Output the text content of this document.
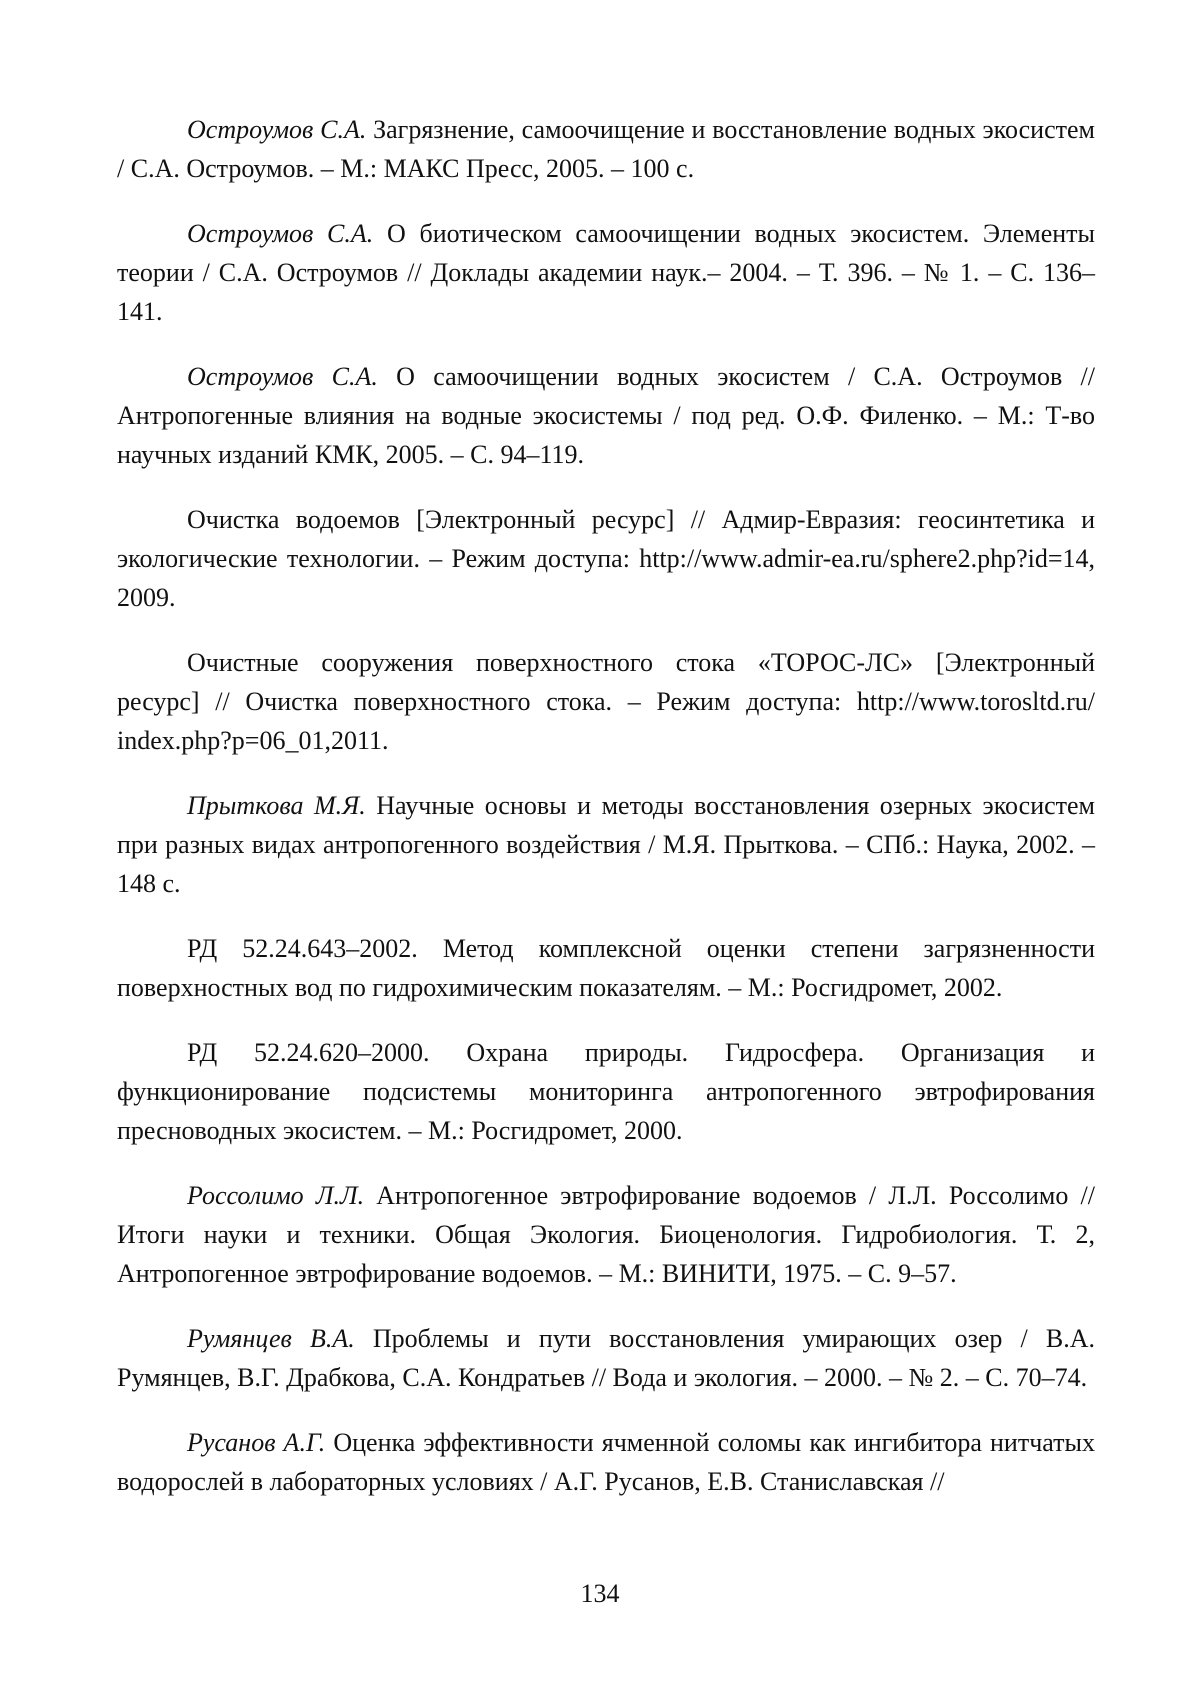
Остроумов С.А. Загрязнение, самоочищение и восстановление водных экосистем / С.А. Остроумов. – М.: МАКС Пресс, 2005. – 100 с.

Остроумов С.А. О биотическом самоочищении водных экосистем. Элементы теории / С.А. Остроумов // Доклады академии наук.– 2004. – Т. 396. – № 1. – С. 136–141.

Остроумов С.А. О самоочищении водных экосистем / С.А. Остроумов // Антропогенные влияния на водные экосистемы / под ред. О.Ф. Филенко. – М.: Т-во научных изданий КМК, 2005. – С. 94–119.

Очистка водоемов [Электронный ресурс] // Адмир-Евразия: геосинтетика и экологические технологии. – Режим доступа: http://www.admir-ea.ru/sphere2.php?id=14, 2009.

Очистные сооружения поверхностного стока «ТОРОС-ЛС» [Электронный ресурс] // Очистка поверхностного стока. – Режим доступа: http://www.torosltd.ru/ index.php?p=06_01,2011.

Прыткова М.Я. Научные основы и методы восстановления озерных экосистем при разных видах антропогенного воздействия / М.Я. Прыткова. – СПб.: Наука, 2002. –148 с.

РД 52.24.643–2002. Метод комплексной оценки степени загрязненности поверхностных вод по гидрохимическим показателям. – М.: Росгидромет, 2002.

РД 52.24.620–2000. Охрана природы. Гидросфера. Организация и функционирование подсистемы мониторинга антропогенного эвтрофирования пресноводных экосистем. – М.: Росгидромет, 2000.

Россолимо Л.Л. Антропогенное эвтрофирование водоемов / Л.Л. Россолимо // Итоги науки и техники. Общая Экология. Биоценология. Гидробиология. Т. 2, Антропогенное эвтрофирование водоемов. – М.: ВИНИТИ, 1975. – С. 9–57.

Румянцев В.А. Проблемы и пути восстановления умирающих озер / В.А. Румянцев, В.Г. Драбкова, С.А. Кондратьев // Вода и экология. – 2000. – № 2. – С. 70–74.

Русанов А.Г. Оценка эффективности ячменной соломы как ингибитора нитчатых водорослей в лабораторных условиях / А.Г. Русанов, Е.В. Станиславская //

134
